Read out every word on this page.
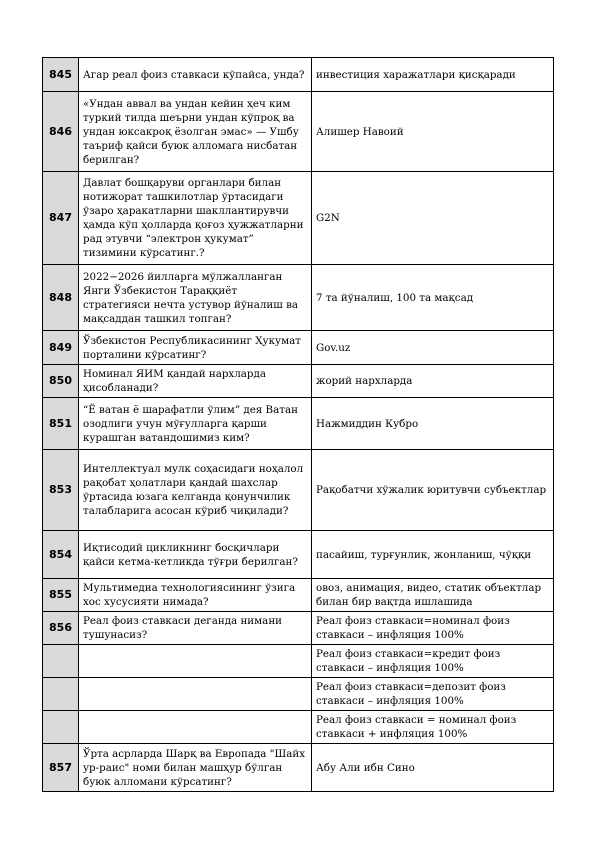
845	Агар реал фоиз ставкаси кўпайса, унда?	инвестиция харажатлари қисқаради
846	«Ундан аввал ва ундан кейин ҳеч ким туркий тилда шеърни ундан кўпроқ ва ундан юксакроқ ёзолган эмас» — Ушбу таъриф қайси буюк алломага нисбатан берилган?	Алишер Навоий
847	Давлат бошқаруви органлари билан нотижорат ташкилотлар ўртасидаги ўзаро ҳаракатларни шакллантирувчи ҳамда кўп ҳолларда қоғоз ҳужжатларни рад этувчи “электрон ҳукумат” тизимини кўрсатинг.?	G2N
848	2022−2026 йилларга мўлжалланган Янги Ўзбекистон Тараққиёт стратегияси нечта устувор йўналиш ва мақсаддан ташкил топган?	7 та йўналиш, 100 та мақсад
849	Ўзбекистон Республикасининг Ҳукумат порталини кўрсатинг?	Gov.uz
850	Номинал ЯИМ қандай нархларда ҳисобланади?	жорий нархларда
851	“Ё ватан ё шарафатли ўлим” дея Ватан озодлиги учун мўғулларга қарши курашган ватандошимиз ким?	Нажмиддин Кубро
853	Интеллектуал мулк соҳасидаги ноҳалол рақобат ҳолатлари қандай шахслар ўртасида юзага келганда қонунчилик талабларига асосан кўриб чиқилади?	Рақобатчи хўжалик юритувчи субъектлар
854	Иқтисодий цикликнинг босқичлари қайси кетма-кетликда тўғри берилган?	пасайиш, турғунлик, жонланиш, чўққи
855	Мультимедиа технологиясининг ўзига хос хусусияти нимада?	овоз, анимация, видео, статик объектлар билан бир вақтда ишлашида
856	Реал фоиз ставкаси деганда нимани тушунасиз?	Реал фоиз ставкаси=номинал фоиз ставкаси – инфляция 100%
		Реал фоиз ставкаси=кредит фоиз ставкаси – инфляция 100%
		Реал фоиз ставкаси=депозит фоиз ставкаси – инфляция 100%
		Реал фоиз ставкаси = номинал фоиз ставкаси + инфляция 100%
857	Ўрта асрларда Шарқ ва Европада "Шайх ур-раис" номи билан машҳур бўлган буюк алломани кўрсатинг?	Абу Али ибн Сино
